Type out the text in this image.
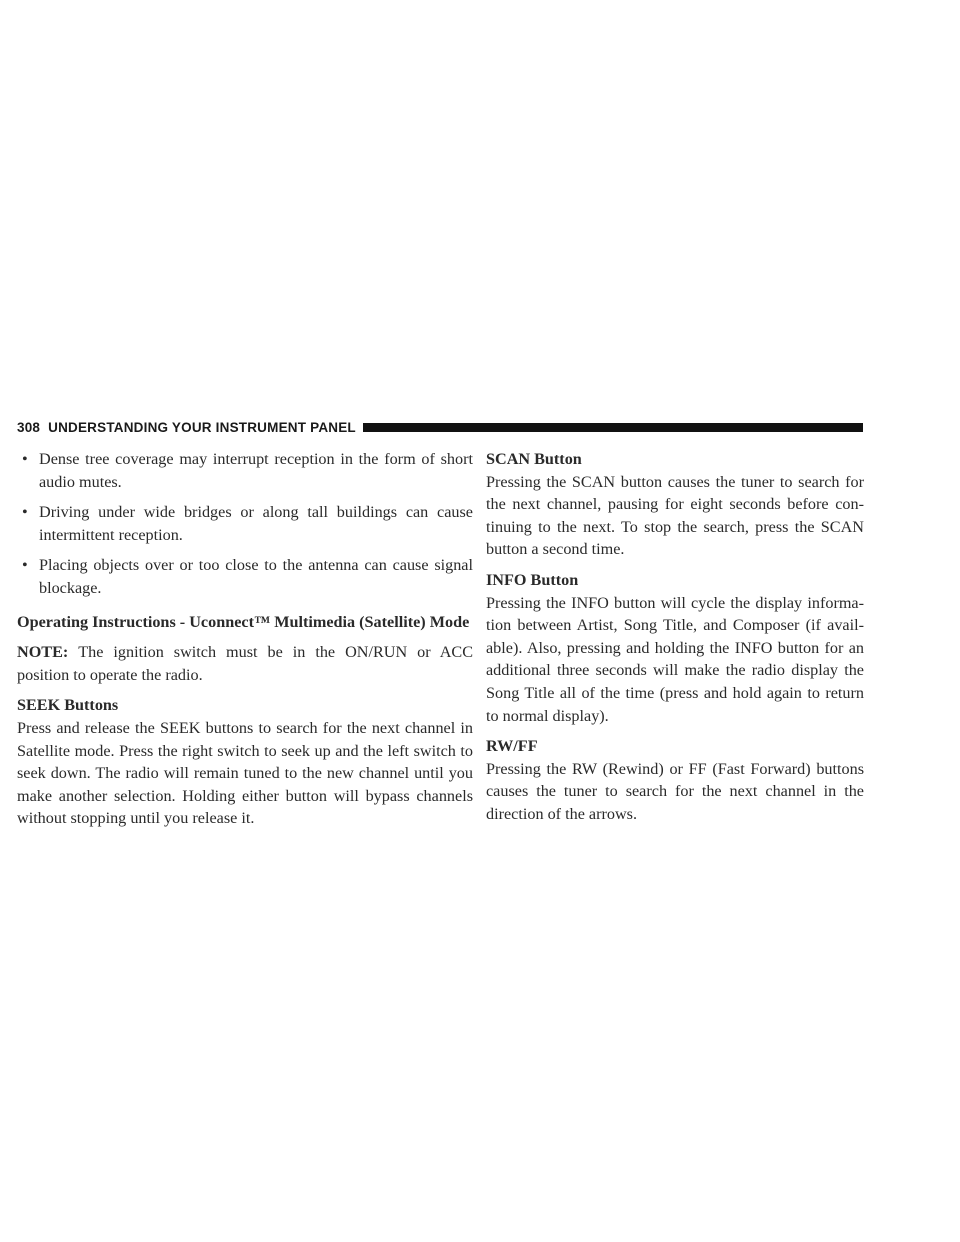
308 UNDERSTANDING YOUR INSTRUMENT PANEL
• Dense tree coverage may interrupt reception in the form of short audio mutes.
• Driving under wide bridges or along tall buildings can cause intermittent reception.
• Placing objects over or too close to the antenna can cause signal blockage.
Operating Instructions - Uconnect™ Multimedia (Satellite) Mode

NOTE: The ignition switch must be in the ON/RUN or ACC position to operate the radio.

SEEK Buttons

Press and release the SEEK buttons to search for the next channel in Satellite mode. Press the right switch to seek up and the left switch to seek down. The radio will remain tuned to the new channel until you make another selection. Holding either button will bypass channels without stopping until you release it.

SCAN Button

Pressing the SCAN button causes the tuner to search for the next channel, pausing for eight seconds before con-tinuing to the next. To stop the search, press the SCAN button a second time.

INFO Button

Pressing the INFO button will cycle the display informa-tion between Artist, Song Title, and Composer (if avail-able). Also, pressing and holding the INFO button for an additional three seconds will make the radio display the Song Title all of the time (press and hold again to return to normal display).

RW/FF

Pressing the RW (Rewind) or FF (Fast Forward) buttons causes the tuner to search for the next channel in the direction of the arrows.
